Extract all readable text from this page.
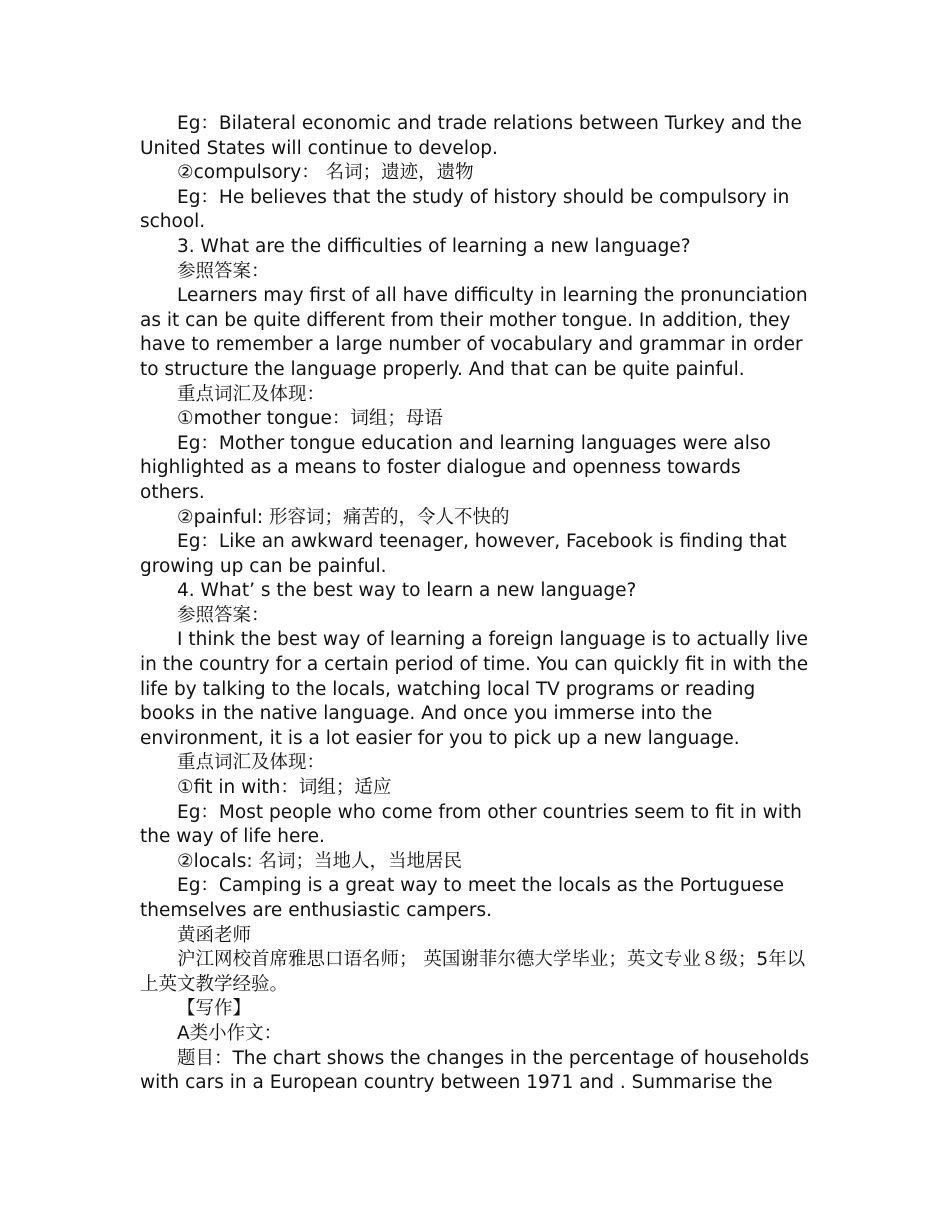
Eg：Bilateral economic and trade relations between Turkey and the United States will continue to develop.

②compulsory： 名词；遗迹，遗物

Eg：He believes that the study of history should be compulsory in school.

3. What are the difficulties of learning a new language?

参照答案：

Learners may first of all have difficulty in learning the pronunciation as it can be quite different from their mother tongue. In addition, they have to remember a large number of vocabulary and grammar in order to structure the language properly. And that can be quite painful.

重点词汇及体现：

①mother tongue：词组；母语

Eg：Mother tongue education and learning languages were also highlighted as a means to foster dialogue and openness towards others.

②painful: 形容词；痛苦的，令人不快的

Eg：Like an awkward teenager, however, Facebook is finding that growing up can be painful.

4. What’ s the best way to learn a new language?

参照答案：

I think the best way of learning a foreign language is to actually live in the country for a certain period of time. You can quickly fit in with the life by talking to the locals, watching local TV programs or reading books in the native language. And once you immerse into the environment, it is a lot easier for you to pick up a new language.

重点词汇及体现：

①fit in with：词组；适应

Eg：Most people who come from other countries seem to fit in with the way of life here.

②locals: 名词；当地人，当地居民

Eg：Camping is a great way to meet the locals as the Portuguese themselves are enthusiastic campers.

黄函老师

沪江网校首席雅思口语名师； 英国谢菲尔德大学毕业；英文专业８级；5年以上英文教学经验。

【写作】

A类小作文：

题目：The chart shows the changes in the percentage of households with cars in a European country between 1971 and . Summarise the
